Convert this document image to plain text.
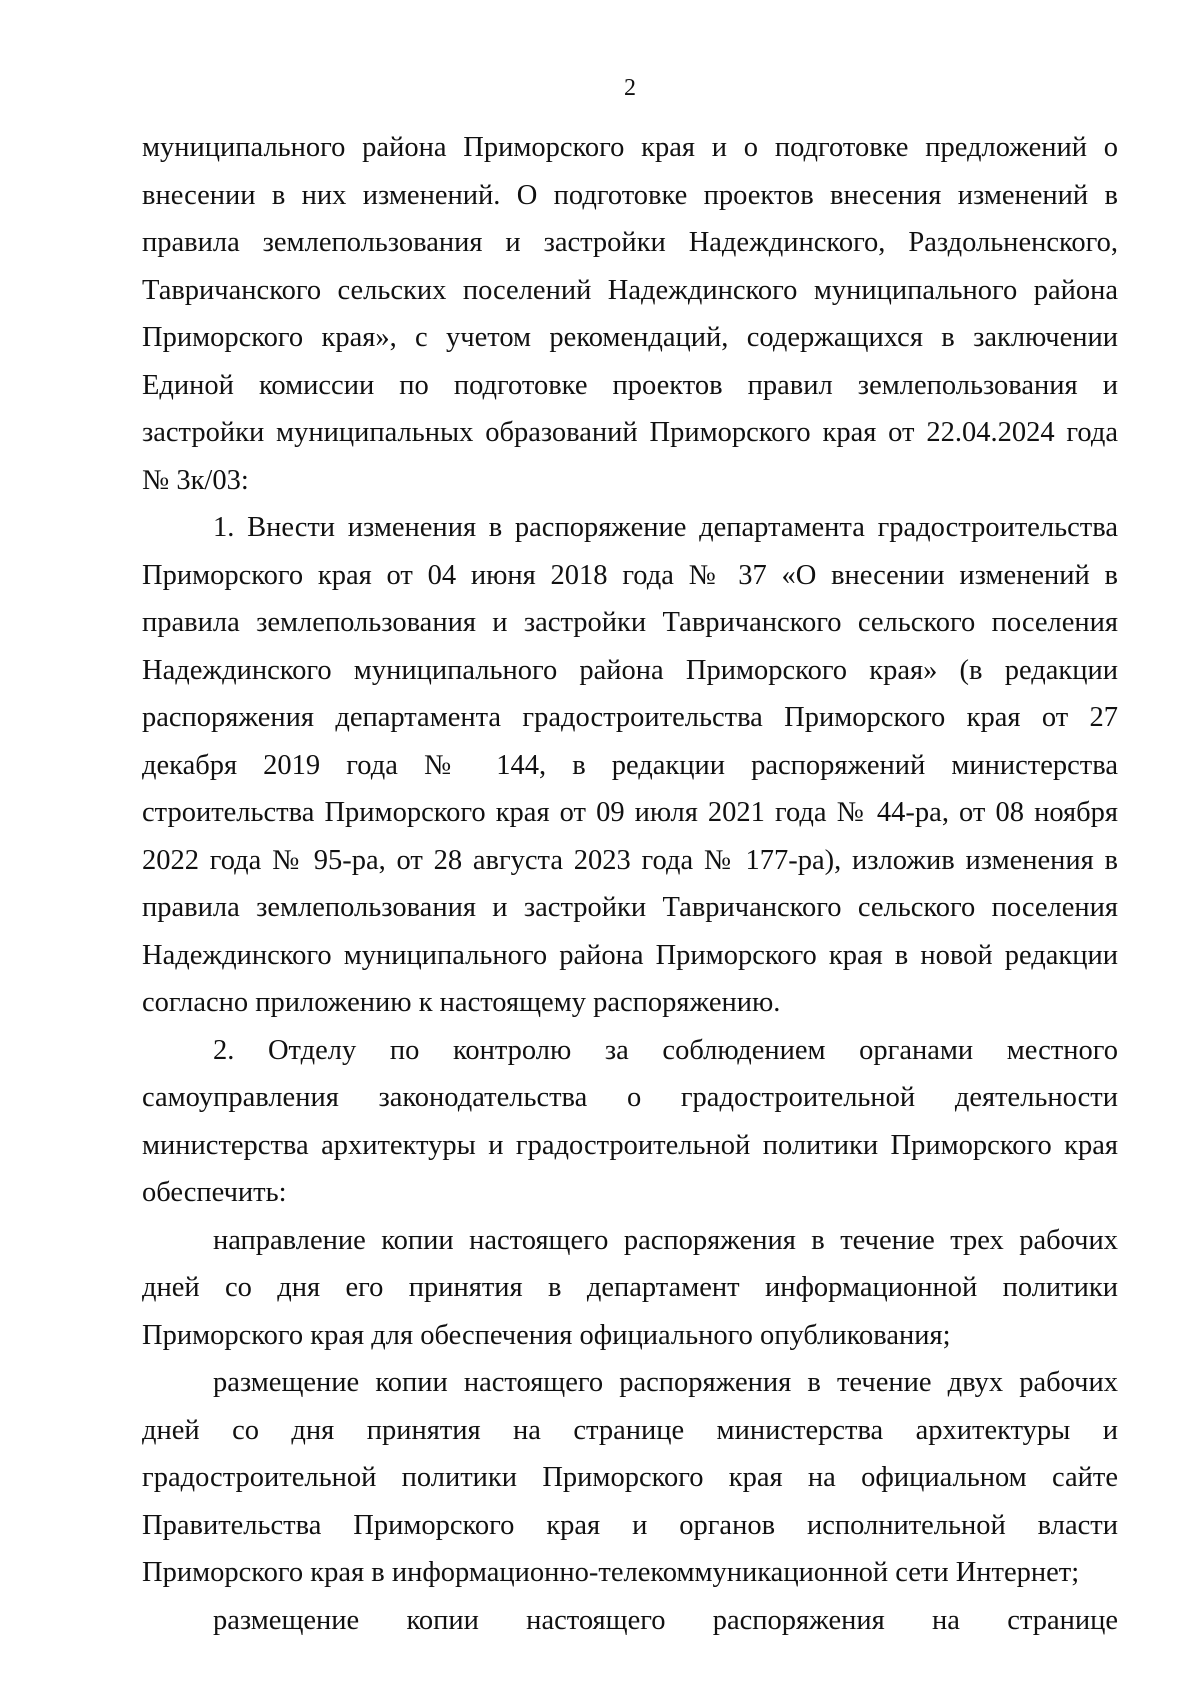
2

муниципального района Приморского края и о подготовке предложений о внесении в них изменений. О подготовке проектов внесения изменений в правила землепользования и застройки Надеждинского, Раздольненского, Тавричанского сельских поселений Надеждинского муниципального района Приморского края», с учетом рекомендаций, содержащихся в заключении Единой комиссии по подготовке проектов правил землепользования и застройки муниципальных образований Приморского края от 22.04.2024 года № 3к/03:

1. Внести изменения в распоряжение департамента градостроительства Приморского края от 04 июня 2018 года № 37 «О внесении изменений в правила землепользования и застройки Тавричанского сельского поселения Надеждинского муниципального района Приморского края» (в редакции распоряжения департамента градостроительства Приморского края от 27 декабря 2019 года № 144, в редакции распоряжений министерства строительства Приморского края от 09 июля 2021 года № 44-ра, от 08 ноября 2022 года № 95-ра, от 28 августа 2023 года № 177-ра), изложив изменения в правила землепользования и застройки Тавричанского сельского поселения Надеждинского муниципального района Приморского края в новой редакции согласно приложению к настоящему распоряжению.

2. Отделу по контролю за соблюдением органами местного самоуправления законодательства о градостроительной деятельности министерства архитектуры и градостроительной политики Приморского края обеспечить:

направление копии настоящего распоряжения в течение трех рабочих дней со дня его принятия в департамент информационной политики Приморского края для обеспечения официального опубликования;

размещение копии настоящего распоряжения в течение двух рабочих дней со дня принятия на странице министерства архитектуры и градостроительной политики Приморского края на официальном сайте Правительства Приморского края и органов исполнительной власти Приморского края в информационно-телекоммуникационной сети Интернет;

размещение копии настоящего распоряжения на странице
